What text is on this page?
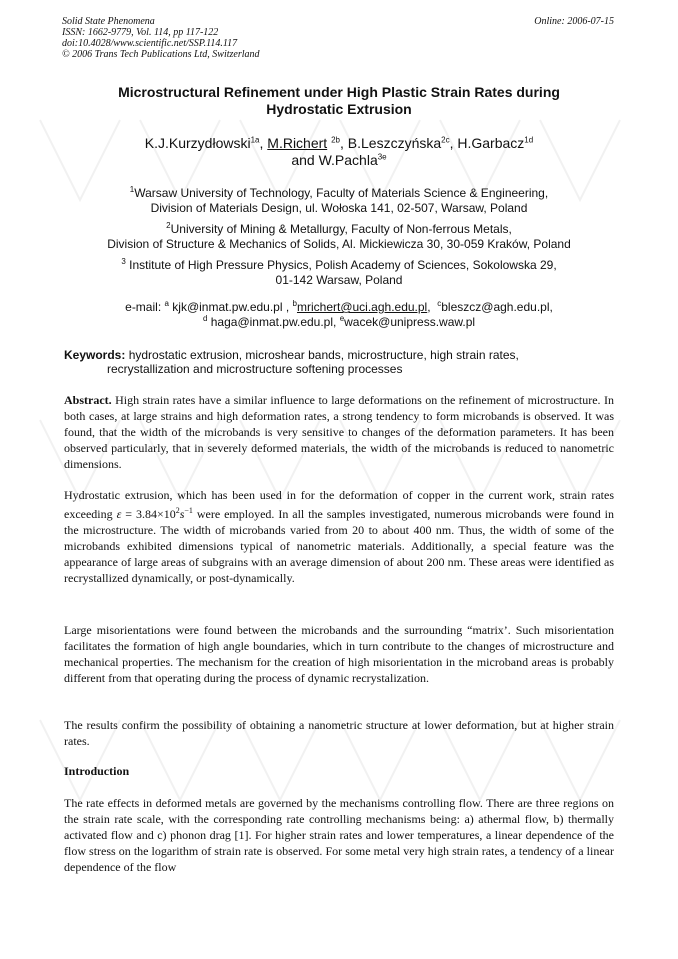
Solid State Phenomena
ISSN: 1662-9779, Vol. 114, pp 117-122
doi:10.4028/www.scientific.net/SSP.114.117
© 2006 Trans Tech Publications Ltd, Switzerland
Online: 2006-07-15
Microstructural Refinement under High Plastic Strain Rates during
Hydrostatic Extrusion
K.J.Kurzydłowski$^{1a}$, M.Richert $^{2b}$, B.Leszczyńska$^{2c}$, H.Garbacz$^{1d}$
and W.Pachla$^{3e}$
$^1$Warsaw University of Technology, Faculty of Materials Science & Engineering,
Division of Materials Design, ul. Wołoska 141, 02-507, Warsaw, Poland
$^2$University of Mining & Metallurgy, Faculty of Non-ferrous Metals,
Division of Structure & Mechanics of Solids, Al. Mickiewicza 30, 30-059 Kraków, Poland
$^3$ Institute of High Pressure Physics, Polish Academy of Sciences, Sokolowska 29,
01-142 Warsaw, Poland
e-mail: $^a$ kjk@inmat.pw.edu.pl , $^b$mrichert@uci.agh.edu.pl,  $^c$bleszcz@agh.edu.pl,
$^d$ haga@inmat.pw.edu.pl, $^e$wacek@unipress.waw.pl
Keywords: hydrostatic extrusion, microshear bands, microstructure, high strain rates,
recrystallization and microstructure softening processes
Abstract. High strain rates have a similar influence to large deformations on the refinement of microstructure. In both cases, at large strains and high deformation rates, a strong tendency to form microbands is observed. It was found, that the width of the microbands is very sensitive to changes of the deformation parameters. It has been observed particularly, that in severely deformed materials, the width of the microbands is reduced to nanometric dimensions.
Hydrostatic extrusion, which has been used in for the deformation of copper in the current work, strain rates exceeding $\varepsilon = 3.84\times 10^2s^{-1}$ were employed. In all the samples investigated, numerous microbands were found in the microstructure. The width of microbands varied from 20 to about 400 nm. Thus, the width of some of the microbands exhibited dimensions typical of nanometric materials. Additionally, a special feature was the appearance of large areas of subgrains with an average dimension of about 200 nm. These areas were identified as recrystallized dynamically, or post-dynamically.
Large misorientations were found between the microbands and the surrounding “matrix’. Such misorientation facilitates the formation of high angle boundaries, which in turn contribute to the changes of microstructure and mechanical properties. The mechanism for the creation of high misorientation in the microband areas is probably different from that operating during the process of dynamic recrystalization.
The results confirm the possibility of obtaining a nanometric structure at lower deformation, but at higher strain rates.
Introduction
The rate effects in deformed metals are governed by the mechanisms controlling flow. There are three regions on the strain rate scale, with the corresponding rate controlling mechanisms being: a) athermal flow, b) thermally activated flow and c) phonon drag [1]. For higher strain rates and lower temperatures, a linear dependence of the flow stress on the logarithm of strain rate is observed. For some metal very high strain rates, a tendency of a linear dependence of the flow
